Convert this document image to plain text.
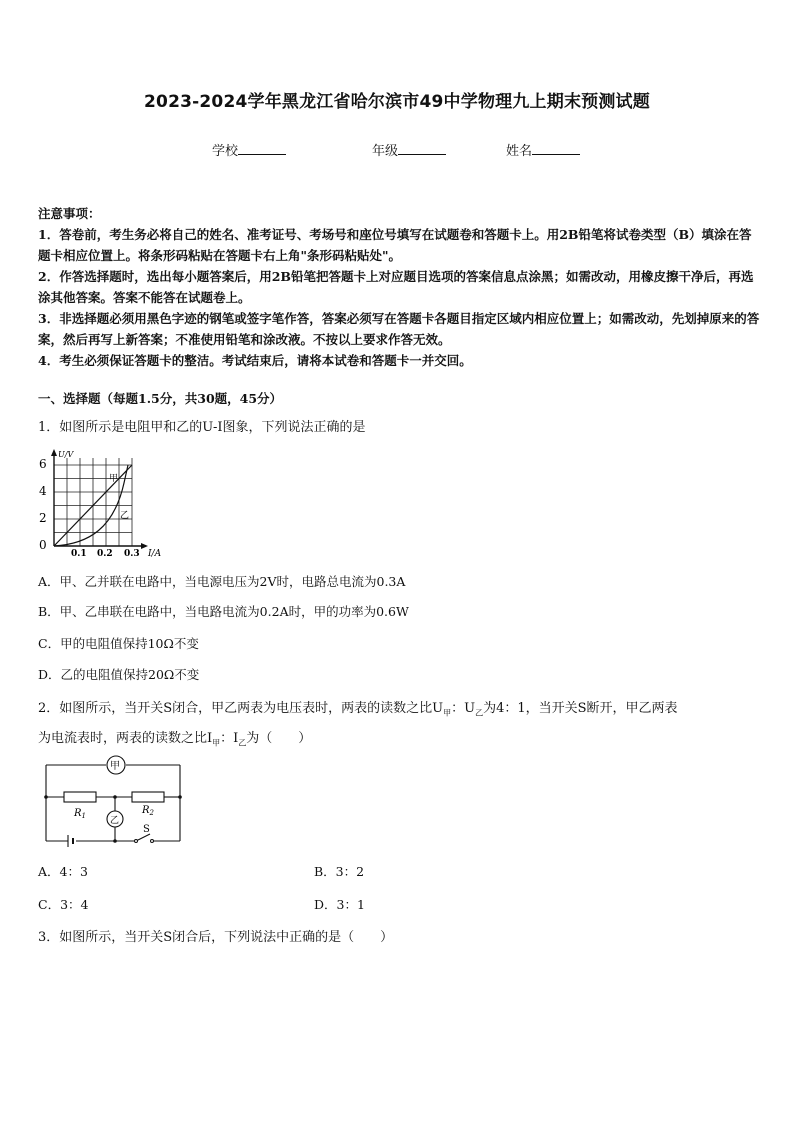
2023-2024学年黑龙江省哈尔滨市49中学物理九上期末预测试题
学校	年级	姓名

注意事项：

1．答卷前，考生务必将自己的姓名、准考证号、考场号和座位号填写在试题卷和答题卡上。用2B铅笔将试卷类型（B）填涂在答题卡相应位置上。将条形码粘贴在答题卡右上角"条形码粘贴处"。

2．作答选择题时，选出每小题答案后，用2B铅笔把答题卡上对应题目选项的答案信息点涂黑；如需改动，用橡皮擦干净后，再选涂其他答案。答案不能答在试题卷上。

3．非选择题必须用黑色字迹的钢笔或签字笔作答，答案必须写在答题卡各题目指定区域内相应位置上；如需改动，先划掉原来的答案，然后再写上新答案；不准使用铅笔和涂改液。不按以上要求作答无效。

4．考生必须保证答题卡的整洁。考试结束后，请将本试卷和答题卡一并交回。

一、选择题（每题1.5分，共30题，45分）
1．如图所示是电阻甲和乙的U-I图象，下列说法正确的是
U/V
I/A
0
2
4
6
0.1 0.2 0.3
甲
乙
A．甲、乙并联在电路中，当电源电压为2V时，电路总电流为0.3A
B．甲、乙串联在电路中，当电路电流为0.2A时，甲的功率为0.6W
C．甲的电阻值保持10Ω不变
D．乙的电阻值保持20Ω不变
2．如图所示，当开关S闭合，甲乙两表为电压表时，两表的读数之比$U_甲$：$U_乙$为4：1，当开关S断开，甲乙两表
为电流表时，两表的读数之比$I_甲$：$I_乙$为（　　）
甲
乙
$R_1$	$R_2$
S
A．4：3	B．3：2
C．3：4	D．3：1
3．如图所示，当开关S闭合后，下列说法中正确的是（　　）
